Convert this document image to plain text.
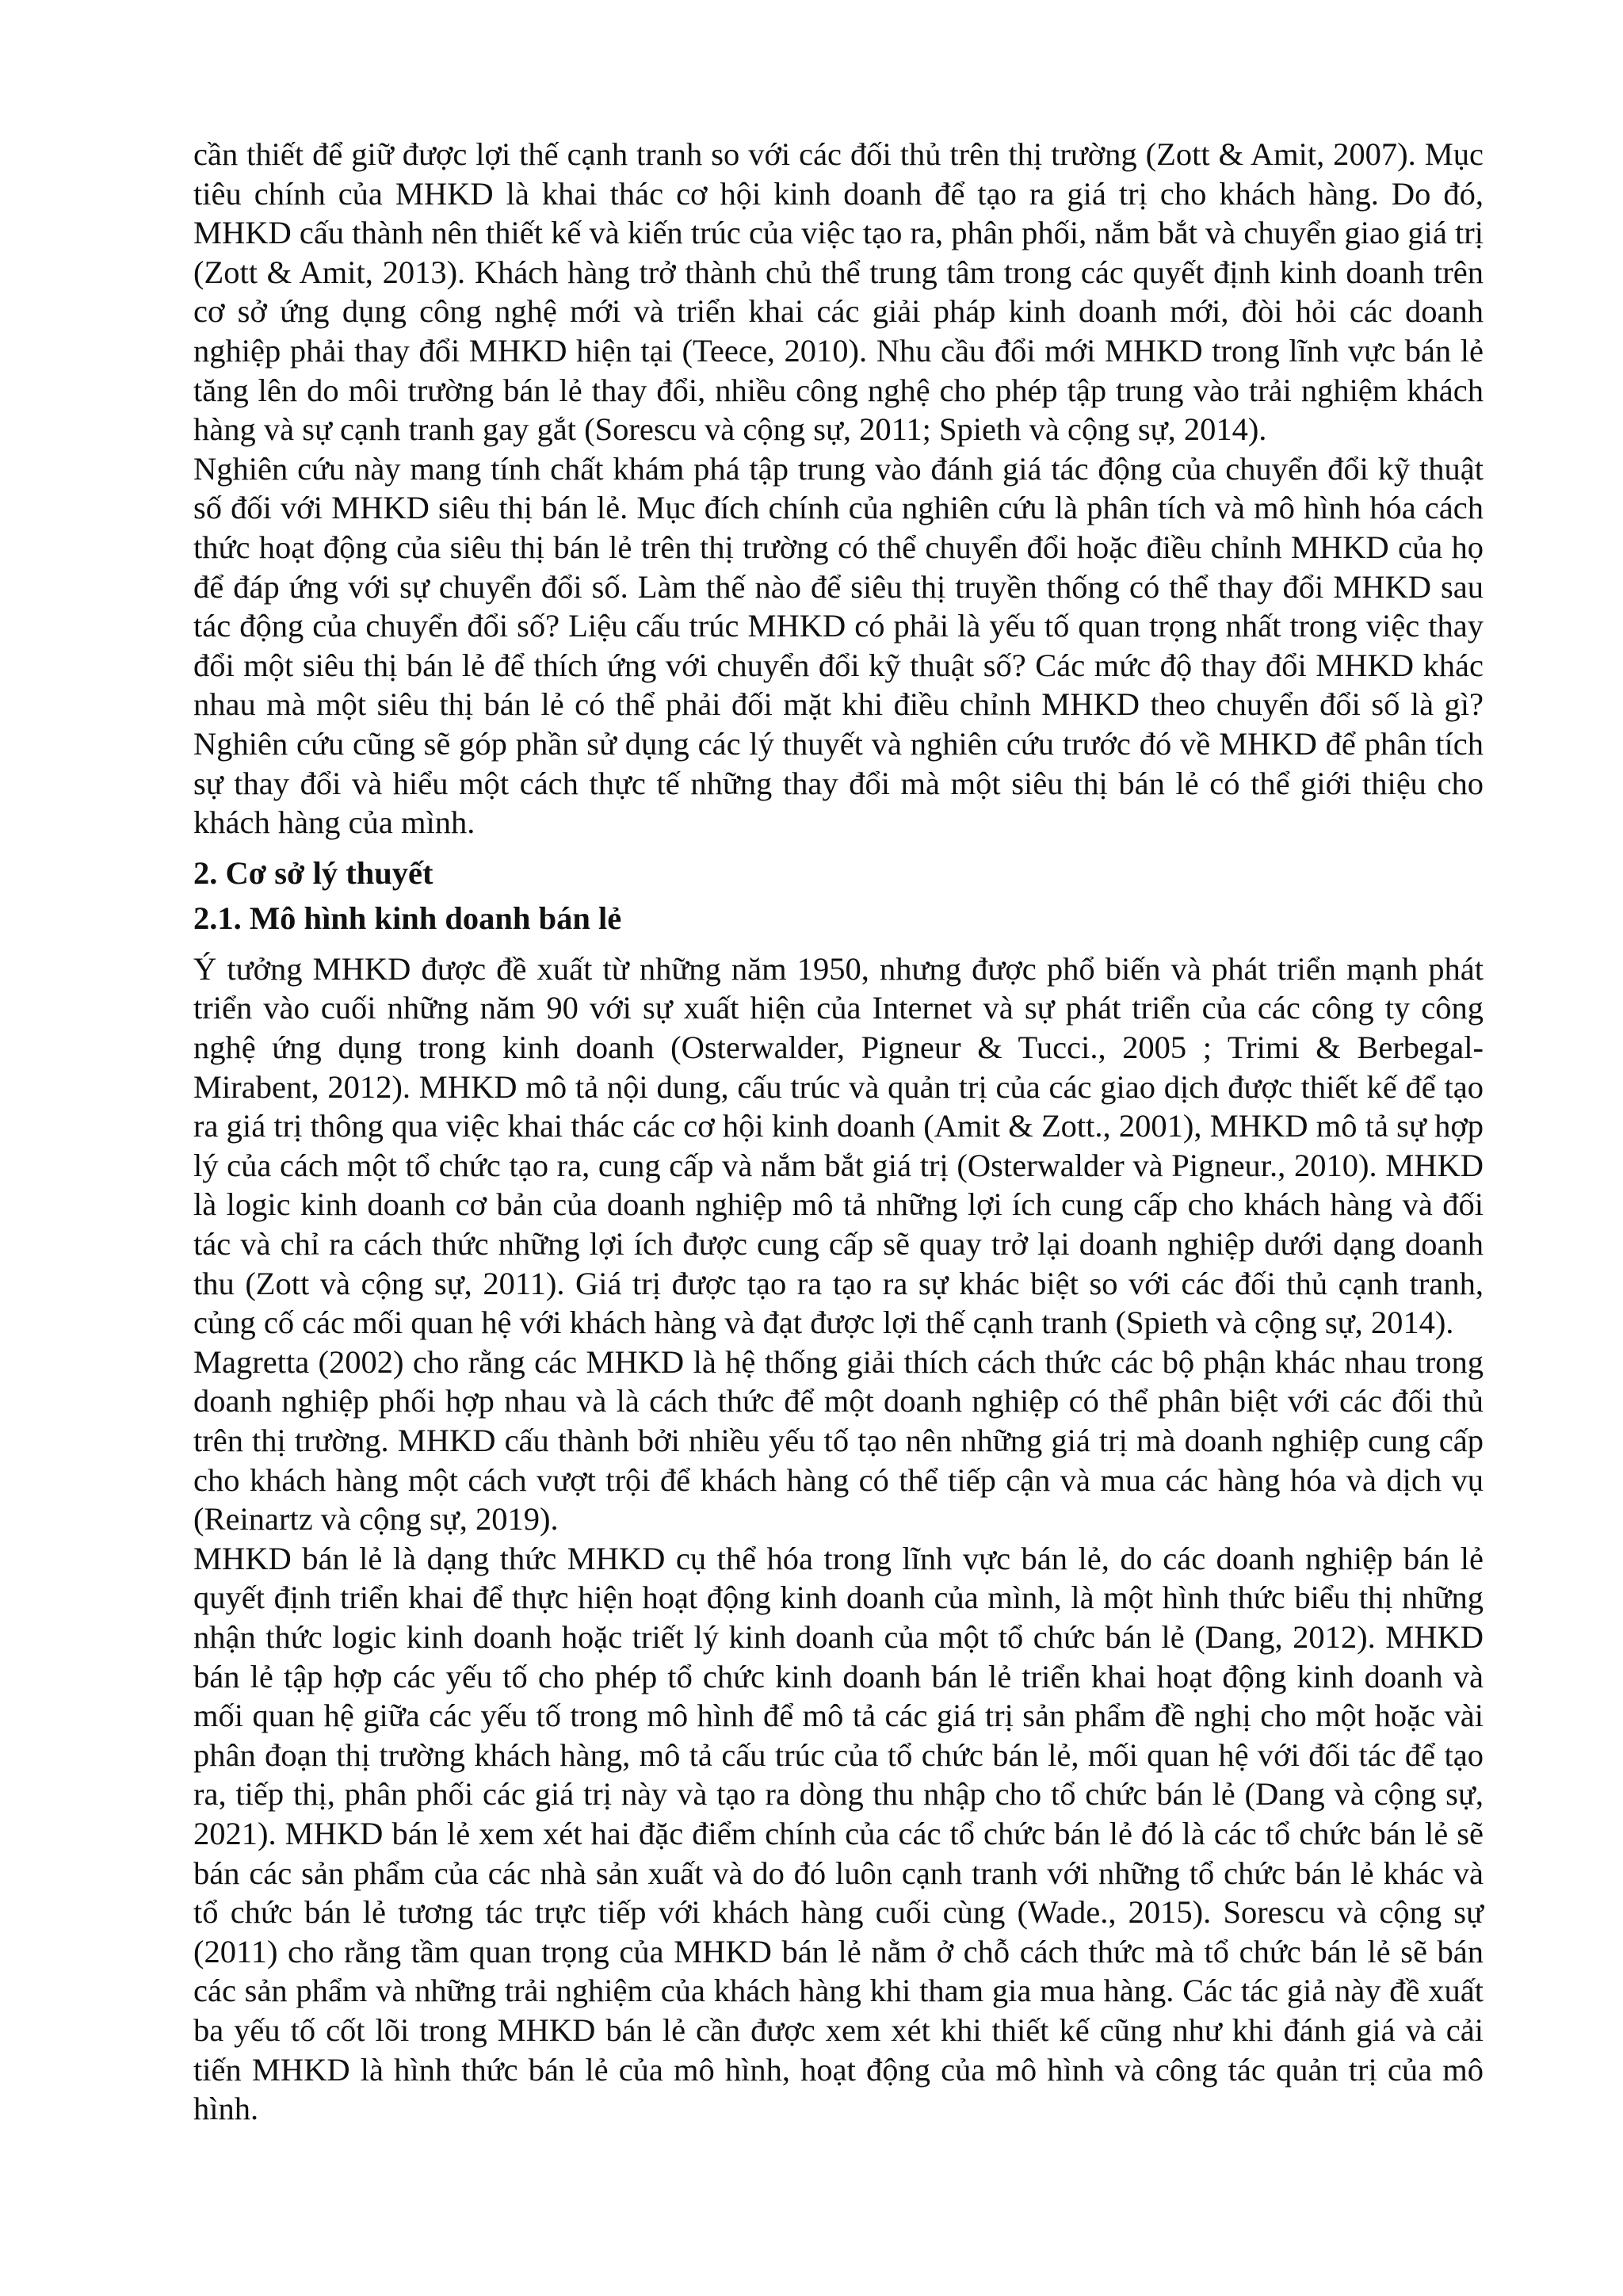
cần thiết để giữ được lợi thế cạnh tranh so với các đối thủ trên thị trường (Zott & Amit, 2007). Mục tiêu chính của MHKD là khai thác cơ hội kinh doanh để tạo ra giá trị cho khách hàng. Do đó, MHKD cấu thành nên thiết kế và kiến trúc của việc tạo ra, phân phối, nắm bắt và chuyển giao giá trị (Zott & Amit, 2013). Khách hàng trở thành chủ thể trung tâm trong các quyết định kinh doanh trên cơ sở ứng dụng công nghệ mới và triển khai các giải pháp kinh doanh mới, đòi hỏi các doanh nghiệp phải thay đổi MHKD hiện tại (Teece, 2010). Nhu cầu đổi mới MHKD trong lĩnh vực bán lẻ tăng lên do môi trường bán lẻ thay đổi, nhiều công nghệ cho phép tập trung vào trải nghiệm khách hàng và sự cạnh tranh gay gắt (Sorescu và cộng sự, 2011; Spieth và cộng sự, 2014).

Nghiên cứu này mang tính chất khám phá tập trung vào đánh giá tác động của chuyển đổi kỹ thuật số đối với MHKD siêu thị bán lẻ. Mục đích chính của nghiên cứu là phân tích và mô hình hóa cách thức hoạt động của siêu thị bán lẻ trên thị trường có thể chuyển đổi hoặc điều chỉnh MHKD của họ để đáp ứng với sự chuyển đổi số. Làm thế nào để siêu thị truyền thống có thể thay đổi MHKD sau tác động của chuyển đổi số? Liệu cấu trúc MHKD có phải là yếu tố quan trọng nhất trong việc thay đổi một siêu thị bán lẻ để thích ứng với chuyển đổi kỹ thuật số? Các mức độ thay đổi MHKD khác nhau mà một siêu thị bán lẻ có thể phải đối mặt khi điều chỉnh MHKD theo chuyển đổi số là gì? Nghiên cứu cũng sẽ góp phần sử dụng các lý thuyết và nghiên cứu trước đó về MHKD để phân tích sự thay đổi và hiểu một cách thực tế những thay đổi mà một siêu thị bán lẻ có thể giới thiệu cho khách hàng của mình.

2. Cơ sở lý thuyết

2.1. Mô hình kinh doanh bán lẻ

Ý tưởng MHKD được đề xuất từ những năm 1950, nhưng được phổ biến và phát triển mạnh phát triển vào cuối những năm 90 với sự xuất hiện của Internet và sự phát triển của các công ty công nghệ ứng dụng trong kinh doanh (Osterwalder, Pigneur & Tucci., 2005 ; Trimi & Berbegal-Mirabent, 2012). MHKD mô tả nội dung, cấu trúc và quản trị của các giao dịch được thiết kế để tạo ra giá trị thông qua việc khai thác các cơ hội kinh doanh (Amit & Zott., 2001), MHKD mô tả sự hợp lý của cách một tổ chức tạo ra, cung cấp và nắm bắt giá trị (Osterwalder và Pigneur., 2010). MHKD là logic kinh doanh cơ bản của doanh nghiệp mô tả những lợi ích cung cấp cho khách hàng và đối tác và chỉ ra cách thức những lợi ích được cung cấp sẽ quay trở lại doanh nghiệp dưới dạng doanh thu (Zott và cộng sự, 2011). Giá trị được tạo ra tạo ra sự khác biệt so với các đối thủ cạnh tranh, củng cố các mối quan hệ với khách hàng và đạt được lợi thế cạnh tranh (Spieth và cộng sự, 2014).

Magretta (2002) cho rằng các MHKD là hệ thống giải thích cách thức các bộ phận khác nhau trong doanh nghiệp phối hợp nhau và là cách thức để một doanh nghiệp có thể phân biệt với các đối thủ trên thị trường. MHKD cấu thành bởi nhiều yếu tố tạo nên những giá trị mà doanh nghiệp cung cấp cho khách hàng một cách vượt trội để khách hàng có thể tiếp cận và mua các hàng hóa và dịch vụ (Reinartz và cộng sự, 2019).

MHKD bán lẻ là dạng thức MHKD cụ thể hóa trong lĩnh vực bán lẻ, do các doanh nghiệp bán lẻ quyết định triển khai để thực hiện hoạt động kinh doanh của mình, là một hình thức biểu thị những nhận thức logic kinh doanh hoặc triết lý kinh doanh của một tổ chức bán lẻ (Dang, 2012). MHKD bán lẻ tập hợp các yếu tố cho phép tổ chức kinh doanh bán lẻ triển khai hoạt động kinh doanh và mối quan hệ giữa các yếu tố trong mô hình để mô tả các giá trị sản phẩm đề nghị cho một hoặc vài phân đoạn thị trường khách hàng, mô tả cấu trúc của tổ chức bán lẻ, mối quan hệ với đối tác để tạo ra, tiếp thị, phân phối các giá trị này và tạo ra dòng thu nhập cho tổ chức bán lẻ (Dang và cộng sự, 2021). MHKD bán lẻ xem xét hai đặc điểm chính của các tổ chức bán lẻ đó là các tổ chức bán lẻ sẽ bán các sản phẩm của các nhà sản xuất và do đó luôn cạnh tranh với những tổ chức bán lẻ khác và tổ chức bán lẻ tương tác trực tiếp với khách hàng cuối cùng (Wade., 2015). Sorescu và cộng sự (2011) cho rằng tầm quan trọng của MHKD bán lẻ nằm ở chỗ cách thức mà tổ chức bán lẻ sẽ bán các sản phẩm và những trải nghiệm của khách hàng khi tham gia mua hàng. Các tác giả này đề xuất ba yếu tố cốt lõi trong MHKD bán lẻ cần được xem xét khi thiết kế cũng như khi đánh giá và cải tiến MHKD là hình thức bán lẻ của mô hình, hoạt động của mô hình và công tác quản trị của mô hình.
